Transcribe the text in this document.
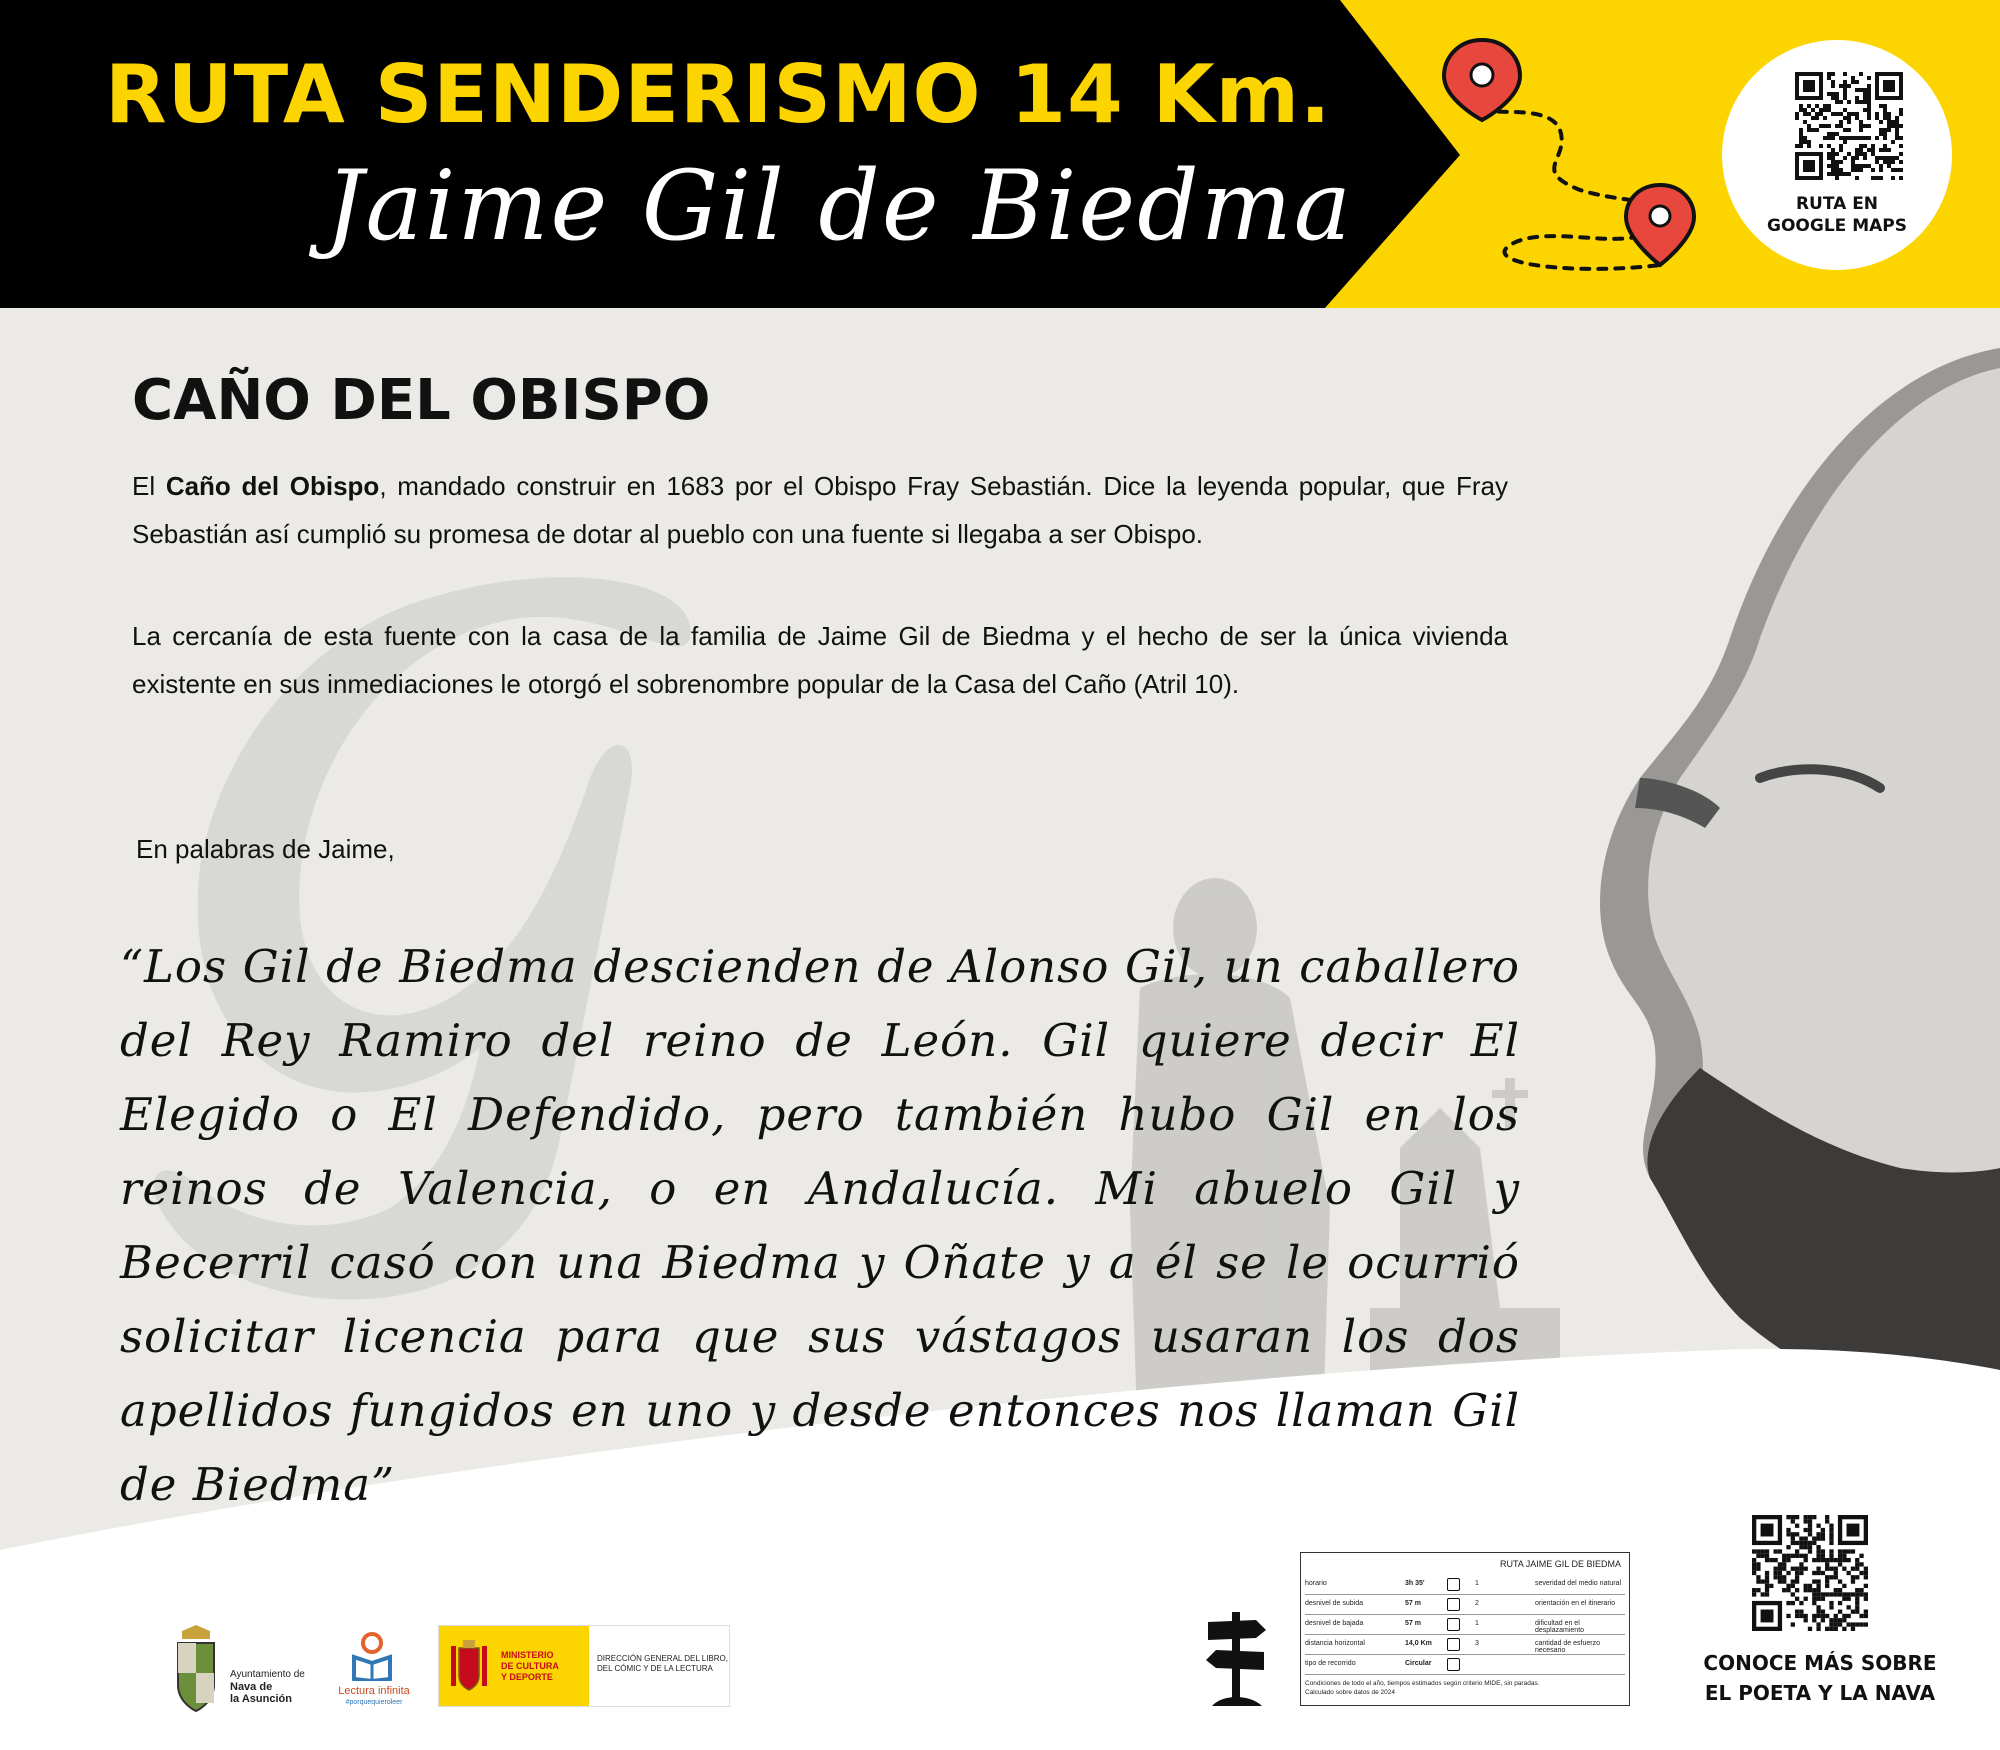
RUTA SENDERISMO 14 Km.
Jaime Gil de Biedma	RUTA EN
GOOGLE MAPS
CAÑO DEL OBISPO
El Caño del Obispo, mandado construir en 1683 por el Obispo Fray Sebastián. Dice la leyenda popular, que Fray Sebastián así cumplió su promesa de dotar al pueblo con una fuente si llegaba a ser Obispo.
La cercanía de esta fuente con la casa de la familia de Jaime Gil de Biedma y el hecho de ser la única vivienda existente en sus inmediaciones le otorgó el sobrenombre popular de la Casa del Caño (Atril 10).
En palabras de Jaime,
“Los Gil de Biedma descienden de Alonso Gil, un caballero del Rey Ramiro del reino de León. Gil quiere decir El Elegido o El Defendido, pero también hubo Gil en los reinos de Valencia, o en Andalucía. Mi abuelo Gil y Becerril casó con una Biedma y Oñate y a él se le ocurrió solicitar licencia para que sus vástagos usaran los dos apellidos fungidos en uno y desde entonces nos llaman Gil de Biedma”
Ayuntamiento de
Nava de
la Asunción
Lectura infinita
#porquequieroleer
MINISTERIO
DE CULTURA
Y DEPORTE
DIRECCIÓN GENERAL DEL LIBRO,
DEL CÓMIC Y DE LA LECTURA
RUTA JAIME GIL DE BIEDMA
horario	3h 35'	1	severidad del medio natural
desnivel de subida	57 m	2	orientación en el itinerario
desnivel de bajada	57 m	1	dificultad en el desplazamiento
distancia horizontal	14,0 Km	3	cantidad de esfuerzo necesario
tipo de recorrido	Circular
Condiciones de todo el año, tiempos estimados según criterio MIDE, sin paradas.
Calculado sobre datos de 2024
CONOCE MÁS SOBRE
EL POETA Y LA NAVA
